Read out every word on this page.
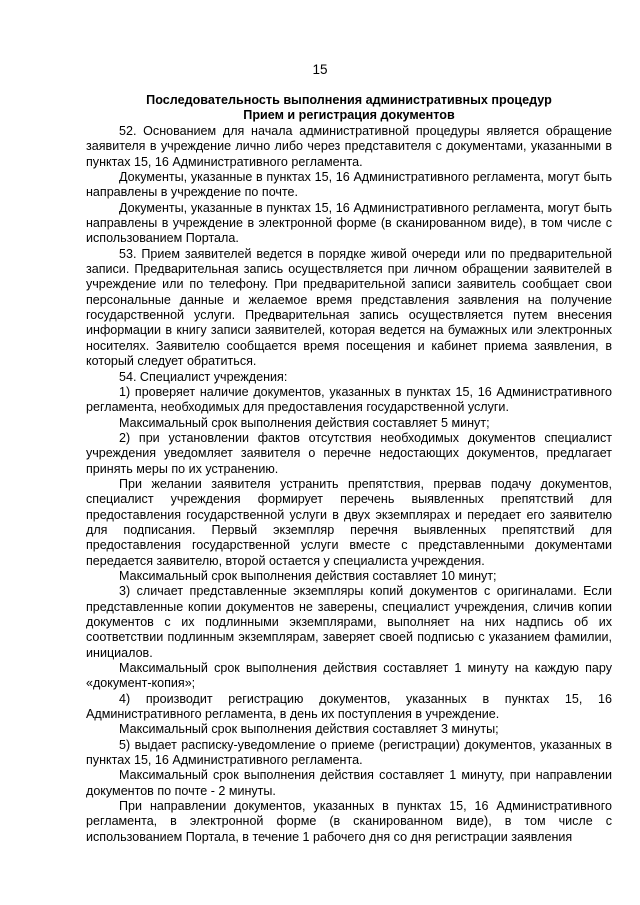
15
Последовательность выполнения административных процедур
Прием и регистрация документов

52. Основанием для начала административной процедуры является обращение заявителя в учреждение лично либо через представителя с документами, указанными в пунктах 15, 16 Административного регламента.

Документы, указанные в пунктах 15, 16 Административного регламента, могут быть направлены в учреждение по почте.

Документы, указанные в пунктах 15, 16 Административного регламента, могут быть направлены в учреждение в электронной форме (в сканированном виде), в том числе с использованием Портала.

53. Прием заявителей ведется в порядке живой очереди или по предварительной записи. Предварительная запись осуществляется при личном обращении заявителей в учреждение или по телефону. При предварительной записи заявитель сообщает свои персональные данные и желаемое время представления заявления на получение государственной услуги. Предварительная запись осуществляется путем внесения информации в книгу записи заявителей, которая ведется на бумажных или электронных носителях. Заявителю сообщается время посещения и кабинет приема заявления, в который следует обратиться.

54. Специалист учреждения:

1) проверяет наличие документов, указанных в пунктах 15, 16 Административного регламента, необходимых для предоставления государственной услуги.

Максимальный срок выполнения действия составляет 5 минут;

2) при установлении фактов отсутствия необходимых документов специалист учреждения уведомляет заявителя о перечне недостающих документов, предлагает принять меры по их устранению.

При желании заявителя устранить препятствия, прервав подачу документов, специалист учреждения формирует перечень выявленных препятствий для предоставления государственной услуги в двух экземплярах и передает его заявителю для подписания. Первый экземпляр перечня выявленных препятствий для предоставления государственной услуги вместе с представленными документами передается заявителю, второй остается у специалиста учреждения.

Максимальный срок выполнения действия составляет 10 минут;

3) сличает представленные экземпляры копий документов с оригиналами. Если представленные копии документов не заверены, специалист учреждения, сличив копии документов с их подлинными экземплярами, выполняет на них надпись об их соответствии подлинным экземплярам, заверяет своей подписью с указанием фамилии, инициалов.

Максимальный срок выполнения действия составляет 1 минуту на каждую пару «документ-копия»;

4) производит регистрацию документов, указанных в пунктах 15, 16 Административного регламента, в день их поступления в учреждение.

Максимальный срок выполнения действия составляет 3 минуты;

5) выдает расписку-уведомление о приеме (регистрации) документов, указанных в пунктах 15, 16 Административного регламента.

Максимальный срок выполнения действия составляет 1 минуту, при направлении документов по почте - 2 минуты.

При направлении документов, указанных в пунктах 15, 16 Административного регламента, в электронной форме (в сканированном виде), в том числе с использованием Портала, в течение 1 рабочего дня со дня регистрации заявления
